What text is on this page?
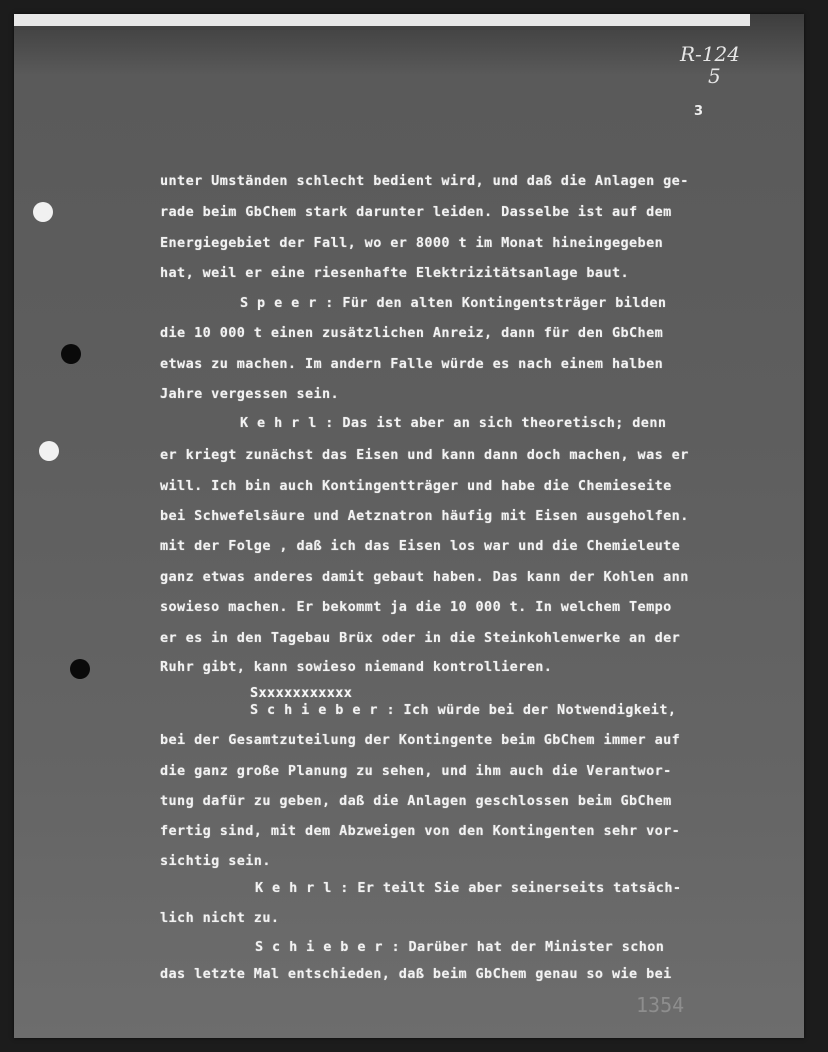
R-124
5
3
unter Umständen schlecht bedient wird, und daß die Anlagen ge-
rade beim GbChem stark darunter leiden. Dasselbe ist auf dem
Energiegebiet der Fall, wo er 8000 t im Monat hineingegeben
hat, weil er eine riesenhafte Elektrizitätsanlage baut.
S p e e r : Für den alten Kontingentsträger bilden
die 10 000 t einen zusätzlichen Anreiz, dann für den GbChem
etwas zu machen. Im andern Falle würde es nach einem halben
Jahre vergessen sein.
K e h r l : Das ist aber an sich theoretisch; denn
er kriegt zunächst das Eisen und kann dann doch machen, was er
will. Ich bin auch Kontingentträger und habe die Chemieseite
bei Schwefelsäure und Aetznatron häufig mit Eisen ausgeholfen.
mit der Folge , daß ich das Eisen los war und die Chemieleute
ganz etwas anderes damit gebaut haben. Das kann der Kohlen ann
sowieso machen. Er bekommt ja die 10 000 t. In welchem Tempo
er es in den Tagebau Brüx oder in die Steinkohlenwerke an der
Ruhr gibt, kann sowieso niemand kontrollieren.
Sxxxxxxxxxxx
S c h i e b e r : Ich würde bei der Notwendigkeit,
bei der Gesamtzuteilung der Kontingente beim GbChem immer auf
die ganz große Planung zu sehen, und ihm auch die Verantwor-
tung dafür zu geben, daß die Anlagen geschlossen beim GbChem
fertig sind, mit dem Abzweigen von den Kontingenten sehr vor-
sichtig sein.
K e h r l : Er teilt Sie aber seinerseits tatsäch-
lich nicht zu.
S c h i e b e r : Darüber hat der Minister schon
das letzte Mal entschieden, daß beim GbChem genau so wie bei
1354
